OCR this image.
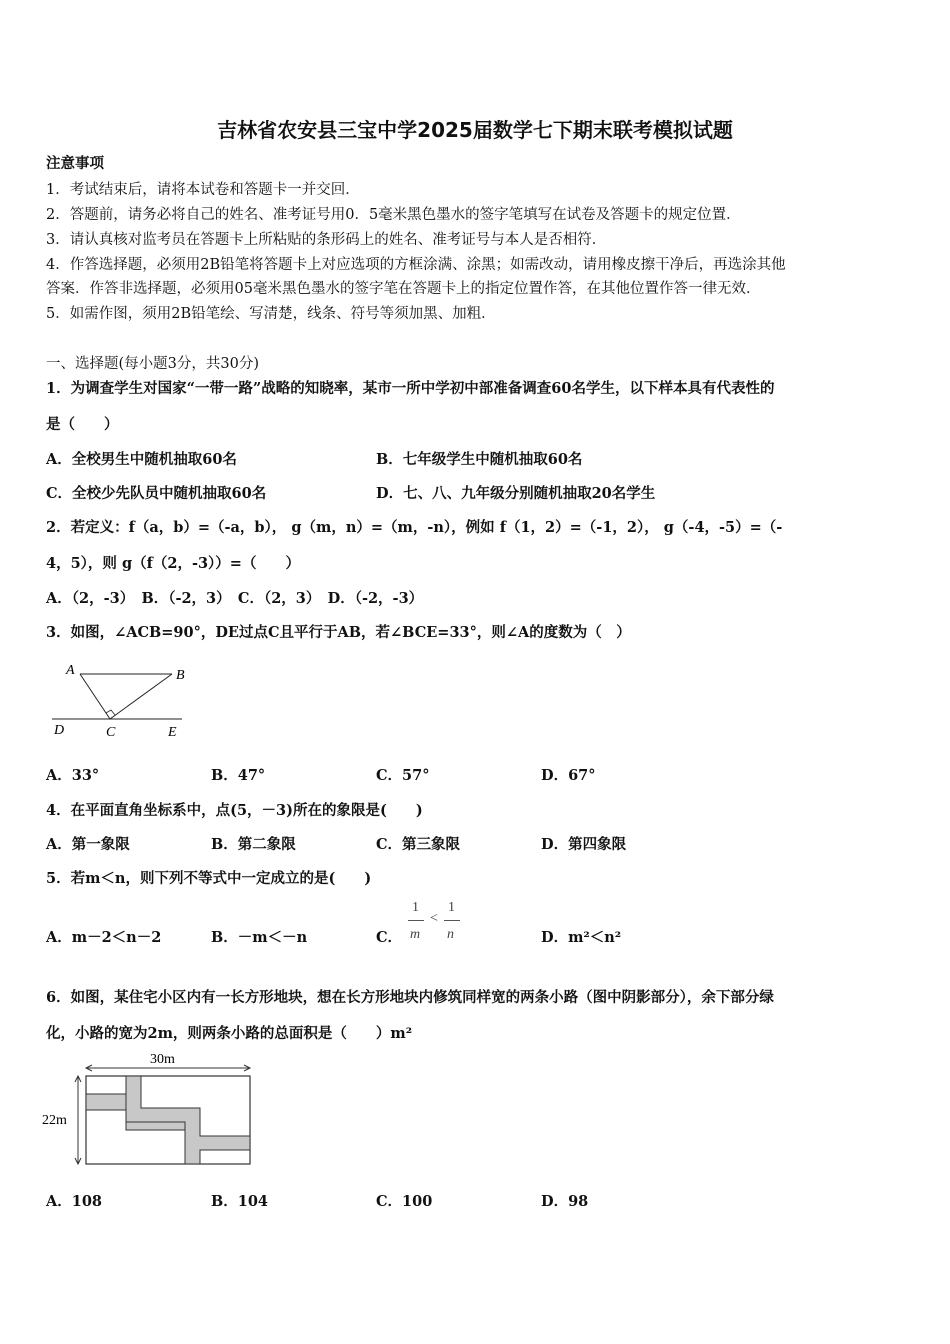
吉林省农安县三宝中学2025届数学七下期末联考模拟试题
注意事项
1．考试结束后，请将本试卷和答题卡一并交回．
2．答题前，请务必将自己的姓名、准考证号用0．5毫米黑色墨水的签字笔填写在试卷及答题卡的规定位置．
3．请认真核对监考员在答题卡上所粘贴的条形码上的姓名、准考证号与本人是否相符．
4．作答选择题，必须用2B铅笔将答题卡上对应选项的方框涂满、涂黑；如需改动，请用橡皮擦干净后，再选涂其他
答案．作答非选择题，必须用05毫米黑色墨水的签字笔在答题卡上的指定位置作答，在其他位置作答一律无效．
5．如需作图，须用2B铅笔绘、写清楚，线条、符号等须加黑、加粗．
一、选择题(每小题3分，共30分)
1．为调查学生对国家“一带一路”战略的知晓率，某市一所中学初中部准备调查60名学生，以下样本具有代表性的
是（　　）
A．全校男生中随机抽取60名	B．七年级学生中随机抽取60名
C．全校少先队员中随机抽取60名	D．七、八、九年级分别随机抽取20名学生
2．若定义：f（a，b）=（-a，b）， g（m，n）=（m，-n），例如 f（1，2）=（-1，2）， g（-4，-5）=（-
4，5），则 g（f（2，-3））=（　　）
A．（2，-3）　B．（-2，3）　C．（2，3）　D．（-2，-3）
3．如图，∠ACB=90°，DE过点C且平行于AB，若∠BCE=33°，则∠A的度数为（　）
A	B
C
D	E
A．33°	B．47°	C．57°	D．67°
4．在平面直角坐标系中，点(5，－3)所在的象限是(　　)
A．第一象限	B．第二象限	C．第三象限	D．第四象限
5．若m＜n，则下列不等式中一定成立的是(　　)
A．m－2＜n－2	B．－m＜－n	C．
1
m
<
1
n	D．m²＜n²
6．如图，某住宅小区内有一长方形地块，想在长方形地块内修筑同样宽的两条小路（图中阴影部分），余下部分绿
化，小路的宽为2m，则两条小路的总面积是（　　）m²
30m
22m
A．108	B．104	C．100	D．98
